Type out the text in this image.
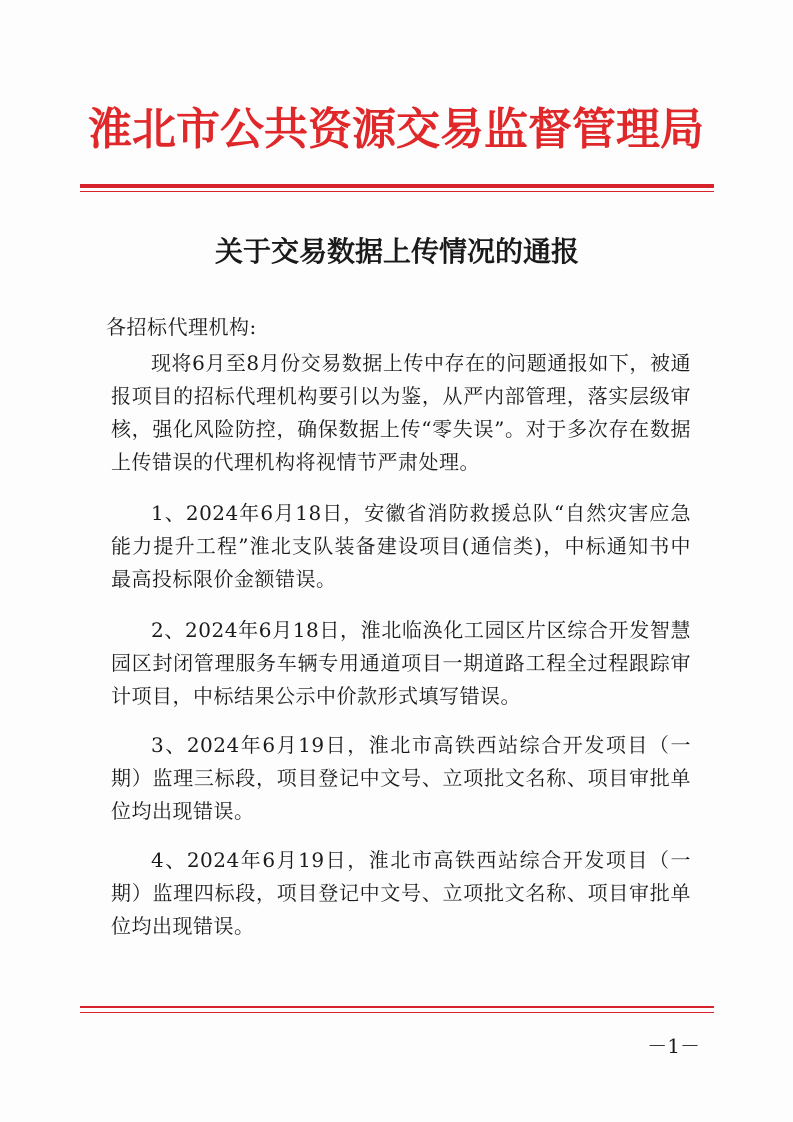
淮北市公共资源交易监督管理局
关于交易数据上传情况的通报
各招标代理机构:
现将6月至8月份交易数据上传中存在的问题通报如下，被通报项目的招标代理机构要引以为鉴，从严内部管理，落实层级审核，强化风险防控，确保数据上传“零失误”。对于多次存在数据上传错误的代理机构将视情节严肃处理。
1、2024年6月18日，安徽省消防救援总队“自然灾害应急能力提升工程”淮北支队装备建设项目(通信类)，中标通知书中最高投标限价金额错误。
2、2024年6月18日，淮北临涣化工园区片区综合开发智慧园区封闭管理服务车辆专用通道项目一期道路工程全过程跟踪审计项目，中标结果公示中价款形式填写错误。
3、2024年6月19日，淮北市高铁西站综合开发项目（一期）监理三标段，项目登记中文号、立项批文名称、项目审批单位均出现错误。
4、2024年6月19日，淮北市高铁西站综合开发项目（一期）监理四标段，项目登记中文号、立项批文名称、项目审批单位均出现错误。
－1－
